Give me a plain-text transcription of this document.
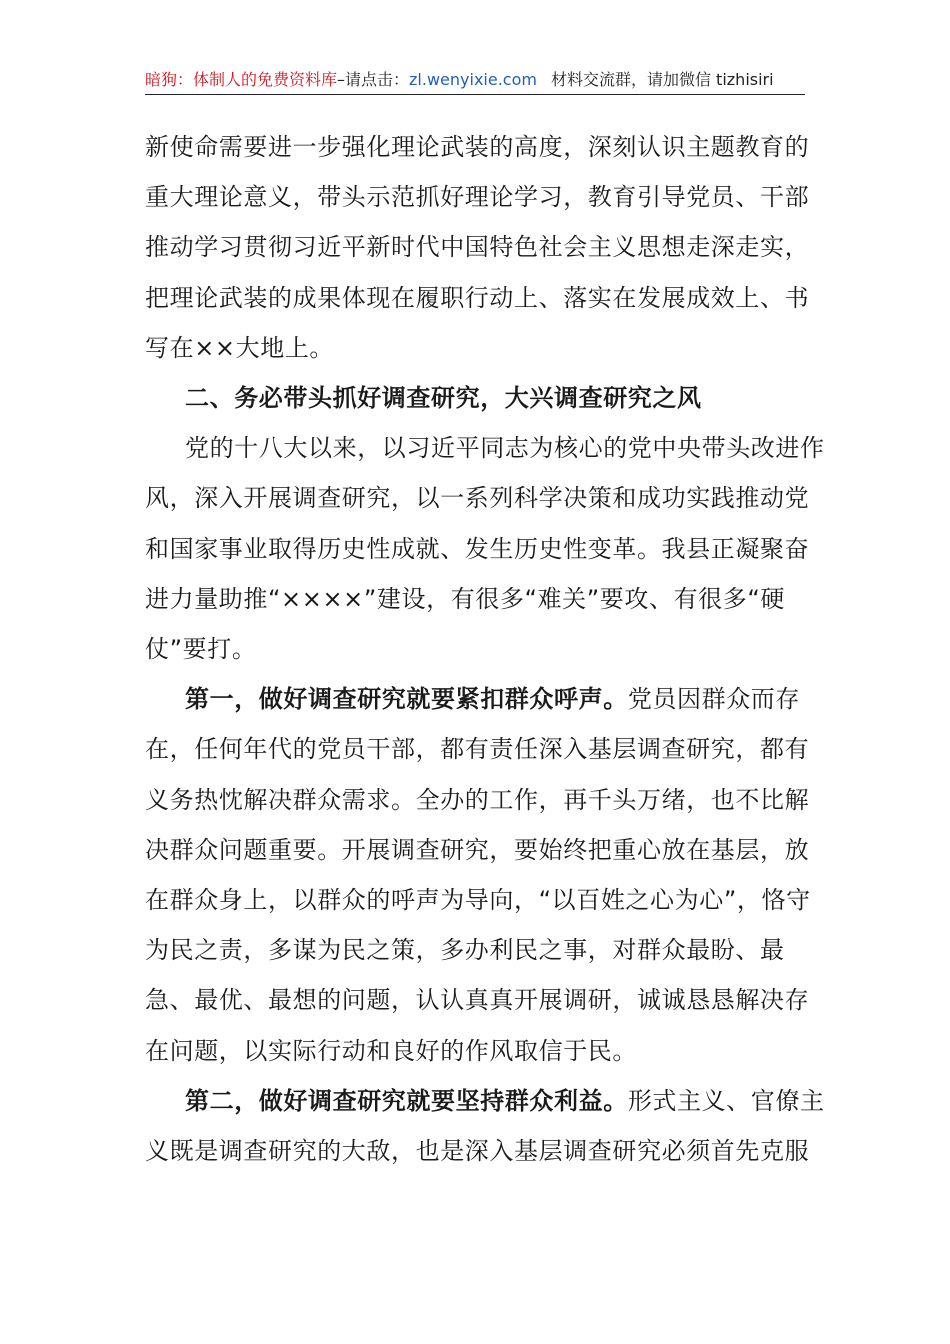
暗狗：体制人的免费资料库–请点击：zl.wenyixie.com 材料交流群，请加微信 tizhisiri

新使命需要进一步强化理论武装的高度，深刻认识主题教育的重大理论意义，带头示范抓好理论学习，教育引导党员、干部推动学习贯彻习近平新时代中国特色社会主义思想走深走实，把理论武装的成果体现在履职行动上、落实在发展成效上、书写在××大地上。

二、务必带头抓好调查研究，大兴调查研究之风

党的十八大以来，以习近平同志为核心的党中央带头改进作风，深入开展调查研究，以一系列科学决策和成功实践推动党和国家事业取得历史性成就、发生历史性变革。我县正凝聚奋进力量助推“××××”建设，有很多“难关”要攻、有很多“硬仗”要打。

第一，做好调查研究就要紧扣群众呼声。党员因群众而存在，任何年代的党员干部，都有责任深入基层调查研究，都有义务热忱解决群众需求。全办的工作，再千头万绪，也不比解决群众问题重要。开展调查研究，要始终把重心放在基层，放在群众身上，以群众的呼声为导向，“以百姓之心为心”，恪守为民之责，多谋为民之策，多办利民之事，对群众最盼、最急、最优、最想的问题，认认真真开展调研，诚诚恳恳解决存在问题，以实际行动和良好的作风取信于民。

第二，做好调查研究就要坚持群众利益。形式主义、官僚主义既是调查研究的大敌，也是深入基层调查研究必须首先克服
